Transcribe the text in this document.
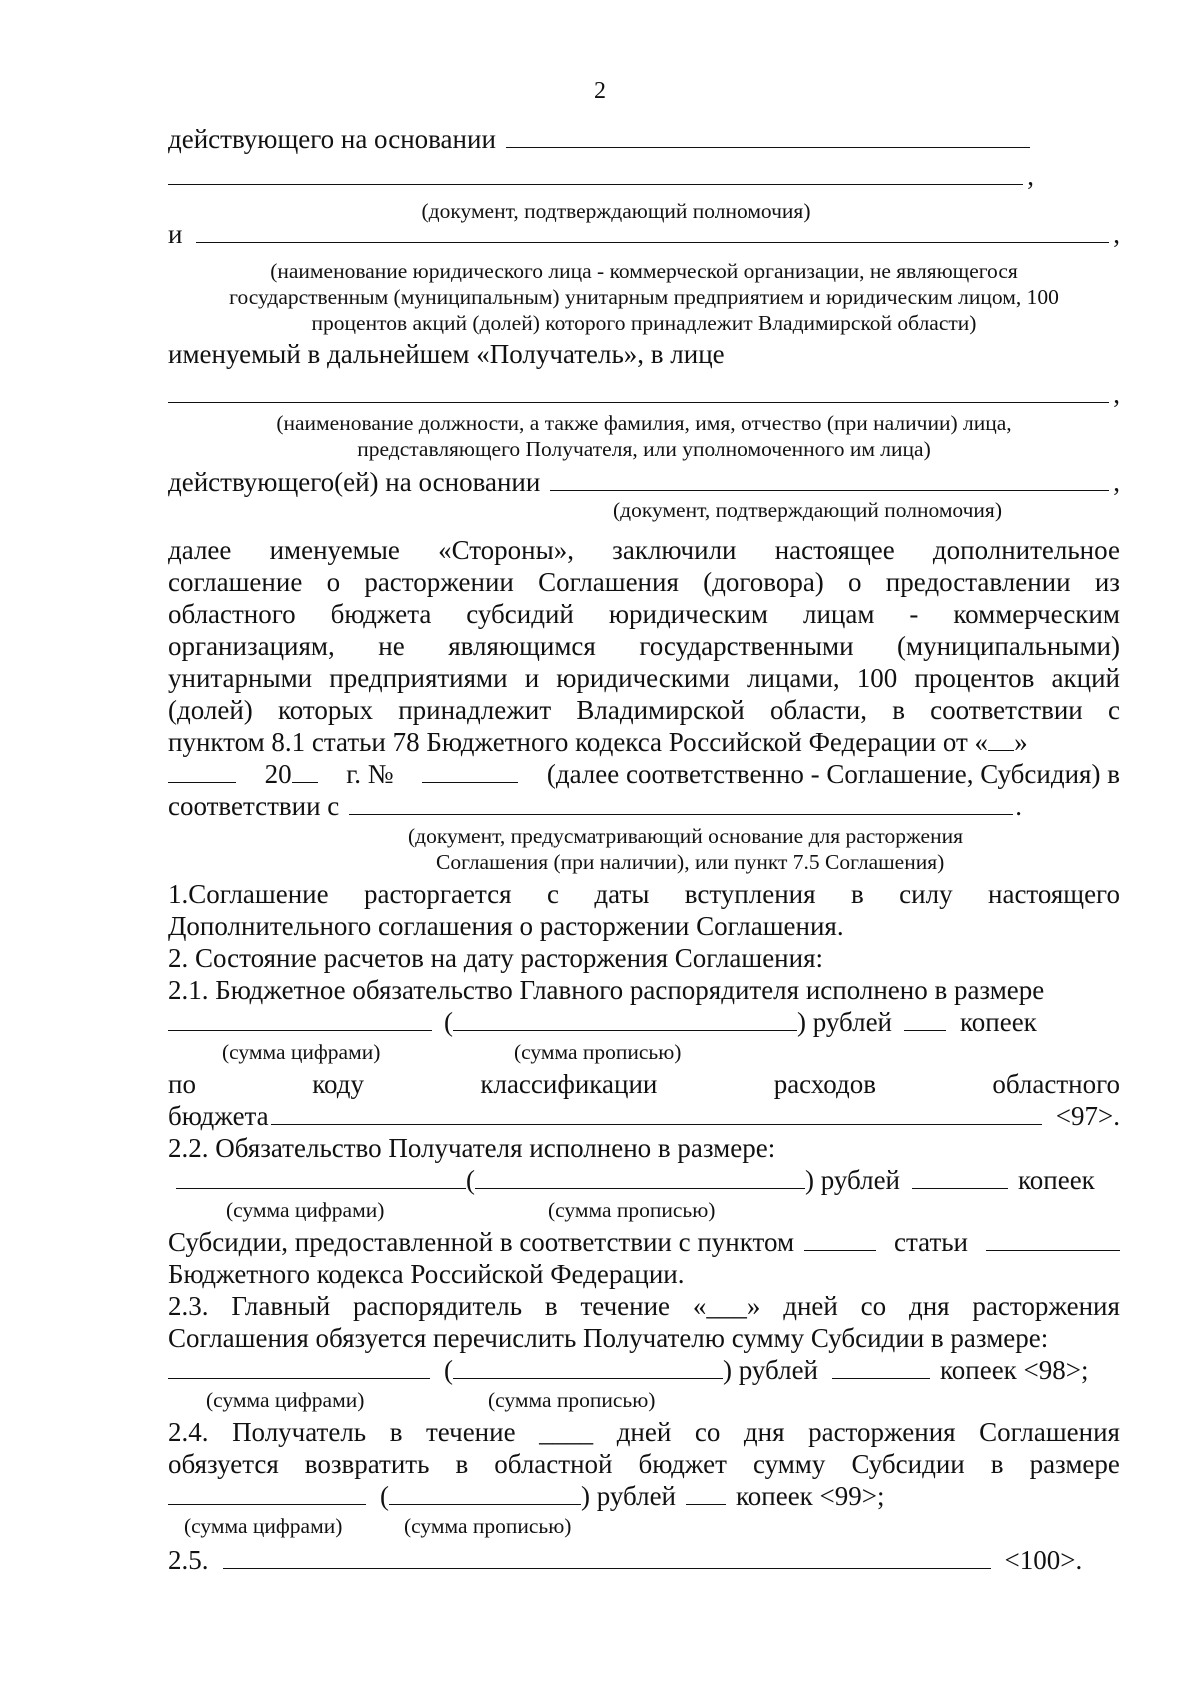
2
действующего на основании
,
(документ, подтверждающий полномочия)
и	,
(наименование юридического лица - коммерческой организации, не являющегося
государственным (муниципальным) унитарным предприятием и юридическим лицом, 100
процентов акций (долей) которого принадлежит Владимирской области)
именуемый в дальнейшем «Получатель», в лице
,
(наименование должности, а также фамилия, имя, отчество (при наличии) лица,
представляющего Получателя, или уполномоченного им лица)
действующего(ей) на основании	,
(документ, подтверждающий полномочия)
далее именуемые «Стороны», заключили настоящее дополнительное
соглашение о расторжении Соглашения (договора) о предоставлении из
областного бюджета субсидий юридическим лицам - коммерческим
организациям, не являющимся государственными (муниципальными)
унитарными предприятиями и юридическими лицами, 100 процентов акций
(долей) которых принадлежит Владимирской области, в соответствии с
пунктом 8.1 статьи 78 Бюджетного кодекса Российской Федерации от « »
20	г. №	(далее соответственно - Соглашение, Субсидия) в
соответствии с	.
(документ, предусматривающий основание для расторжения
Соглашения (при наличии), или пункт 7.5 Соглашения)
1.Соглашение расторгается с даты вступления в силу настоящего
Дополнительного соглашения о расторжении Соглашения.
2. Состояние расчетов на дату расторжения Соглашения:
2.1. Бюджетное обязательство Главного распорядителя исполнено в размере
(	) рублей	копеек
(сумма цифрами)	(сумма прописью)
по	коду	классификации	расходов	областного
бюджета	<97>.
2.2. Обязательство Получателя исполнено в размере:
(	) рублей	копеек
(сумма цифрами)	(сумма прописью)
Субсидии, предоставленной в соответствии с пунктом	статьи
Бюджетного кодекса Российской Федерации.
2.3. Главный распорядитель в течение «___» дней со дня расторжения
Соглашения обязуется перечислить Получателю сумму Субсидии в размере:
(	) рублей	копеек <98>;
(сумма цифрами)	(сумма прописью)
2.4. Получатель в течение ____ дней со дня расторжения Соглашения
обязуется возвратить в областной бюджет сумму Субсидии в размере
(	) рублей копеек <99>;
(сумма цифрами)	(сумма прописью)
2.5.	<100>.
